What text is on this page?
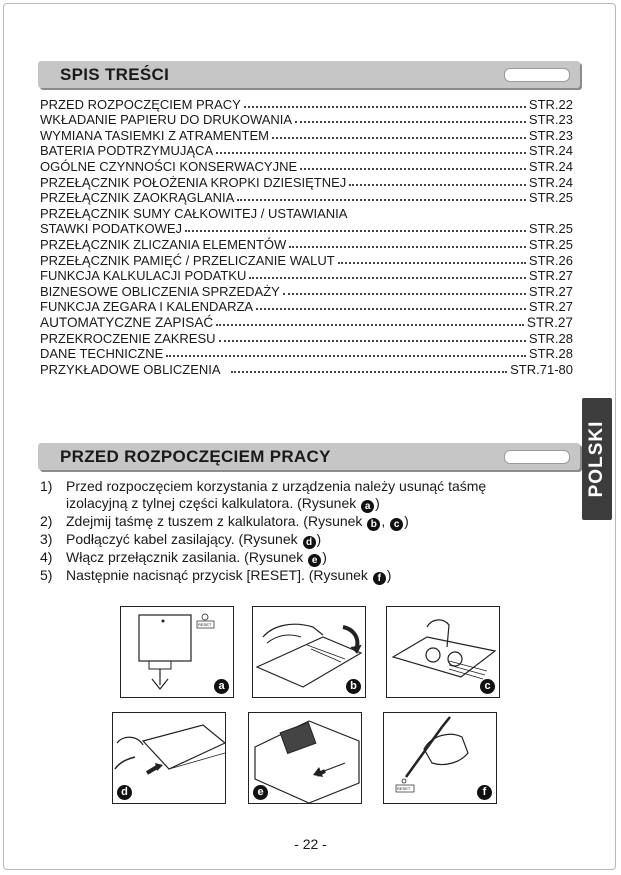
SPIS TREŚCI
PRZED ROZPOCZĘCIEM PRACY	STR.22
WKŁADANIE PAPIERU DO DRUKOWANIA	STR.23
WYMIANA TASIEMKI Z ATRAMENTEM	STR.23
BATERIA PODTRZYMUJĄCA	STR.24
OGÓLNE CZYNNOŚCI KONSERWACYJNE	STR.24
PRZEŁĄCZNIK POŁOŻENIA KROPKI DZIESIĘTNEJ	STR.24
PRZEŁĄCZNIK ZAOKRĄGLANIA	STR.25
PRZEŁĄCZNIK SUMY CAŁKOWITEJ / USTAWIANIA
STAWKI PODATKOWEJ	STR.25
PRZEŁĄCZNIK ZLICZANIA ELEMENTÓW	STR.25
PRZEŁĄCZNIK PAMIĘĆ / PRZELICZANIE WALUT	STR.26
FUNKCJA KALKULACJI PODATKU	STR.27
BIZNESOWE OBLICZENIA SPRZEDAŻY	STR.27
FUNKCJA ZEGARA I KALENDARZA	STR.27
AUTOMATYCZNE ZAPISAĆ	STR.27
PRZEKROCZENIE ZAKRESU	STR.28
DANE TECHNICZNE	STR.28
PRZYKŁADOWE OBLICZENIA	STR.71-80
PRZED ROZPOCZĘCIEM PRACY	POLSKI
1) Przed rozpoczęciem korzystania z urządzenia należy usunąć taśmę
izolacyjną z tylnej części kalkulatora. (Rysunek a )
2) Zdejmij taśmę z tuszem z kalkulatora. (Rysunek b , c )
3) Podłączyć kabel zasilający. (Rysunek d )
4) Włącz przełącznik zasilania. (Rysunek e )
5) Następnie nacisnąć przycisk [RESET]. (Rysunek f )
RESET
a	b	c
d	e	RESET	f
- 22 -
